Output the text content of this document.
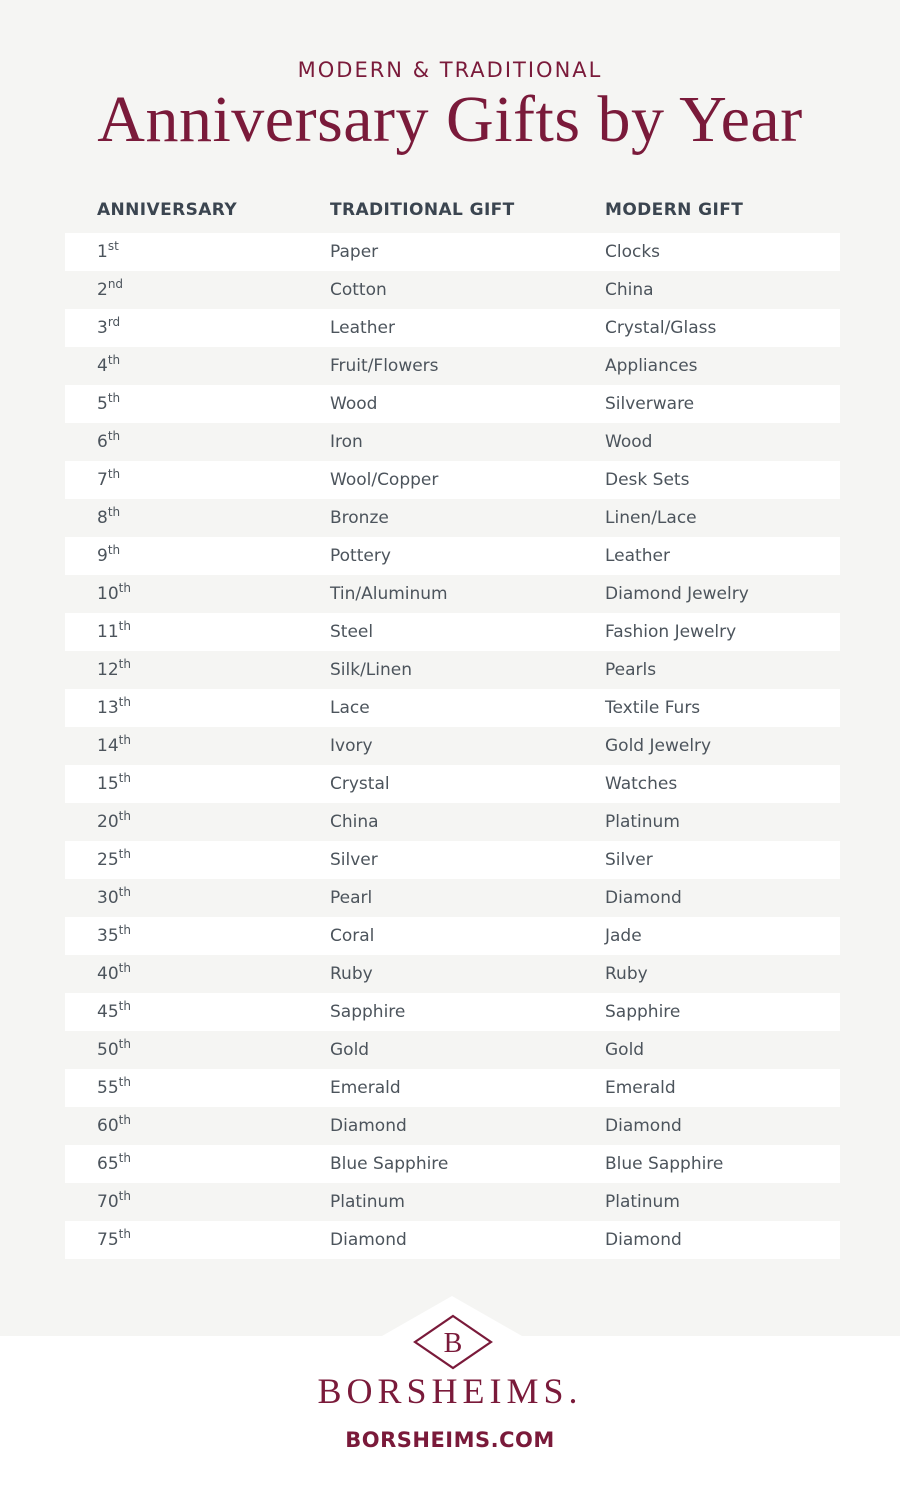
MODERN & TRADITIONAL
Anniversary Gifts by Year
ANNIVERSARY	TRADITIONAL GIFT	MODERN GIFT
1st	Paper	Clocks
2nd	Cotton	China
3rd	Leather	Crystal/Glass
4th	Fruit/Flowers	Appliances
5th	Wood	Silverware
6th	Iron	Wood
7th	Wool/Copper	Desk Sets
8th	Bronze	Linen/Lace
9th	Pottery	Leather
10th	Tin/Aluminum	Diamond Jewelry
11th	Steel	Fashion Jewelry
12th	Silk/Linen	Pearls
13th	Lace	Textile Furs
14th	Ivory	Gold Jewelry
15th	Crystal	Watches
20th	China	Platinum
25th	Silver	Silver
30th	Pearl	Diamond
35th	Coral	Jade
40th	Ruby	Ruby
45th	Sapphire	Sapphire
50th	Gold	Gold
55th	Emerald	Emerald
60th	Diamond	Diamond
65th	Blue Sapphire	Blue Sapphire
70th	Platinum	Platinum
75th	Diamond	Diamond
B
BORSHEIMS.
BORSHEIMS.COM
